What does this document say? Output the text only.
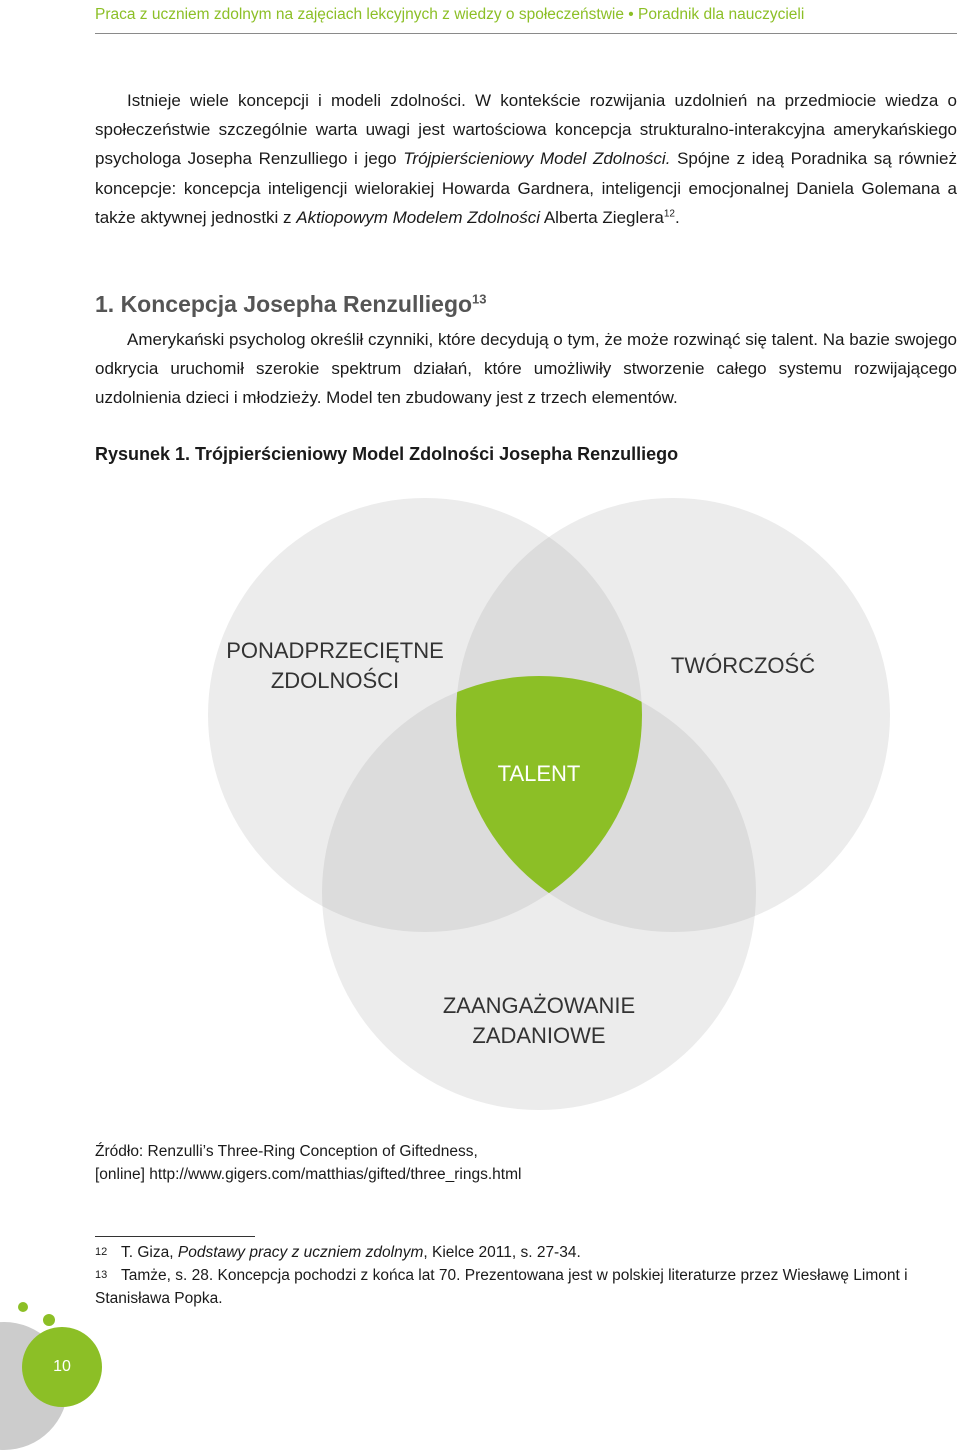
Praca z uczniem zdolnym na zajęciach lekcyjnych z wiedzy o społeczeństwie • Poradnik dla nauczycieli

Istnieje wiele koncepcji i modeli zdolności. W kontekście rozwijania uzdolnień na przedmiocie wiedza o społeczeństwie szczególnie warta uwagi jest wartościowa koncepcja strukturalno-interakcyjna amerykańskiego psychologa Josepha Renzulliego i jego Trójpierścieniowy Model Zdolności. Spójne z ideą Poradnika są również koncepcje: koncepcja inteligencji wielorakiej Howarda Gardnera, inteligencji emocjonalnej Daniela Golemana a także aktywnej jednostki z Aktiopowym Modelem Zdolności Alberta Zieglera$^{12}$.

1. Koncepcja Josepha Renzulliego$^{13}$

Amerykański psycholog określił czynniki, które decydują o tym, że może rozwinąć się talent. Na bazie swojego odkrycia uruchomił szerokie spektrum działań, które umożliwiły stworzenie całego systemu rozwijającego uzdolnienia dzieci i młodzieży. Model ten zbudowany jest z trzech elementów.

Rysunek 1. Trójpierścieniowy Model Zdolności Josepha Renzulliego

PONADPRZECIĘTNE
ZDOLNOŚCI
TWÓRCZOŚĆ
TALENT
ZAANGAŻOWANIE
ZADANIOWE

Źródło: Renzulli’s Three-Ring Conception of Giftedness,
[online] http://www.gigers.com/matthias/gifted/three_rings.html

12 T. Giza, Podstawy pracy z uczniem zdolnym, Kielce 2011, s. 27-34.

13 Tamże, s. 28. Koncepcja pochodzi z końca lat 70. Prezentowana jest w polskiej literaturze przez Wiesławę Limont i Stanisława Popka.

10
